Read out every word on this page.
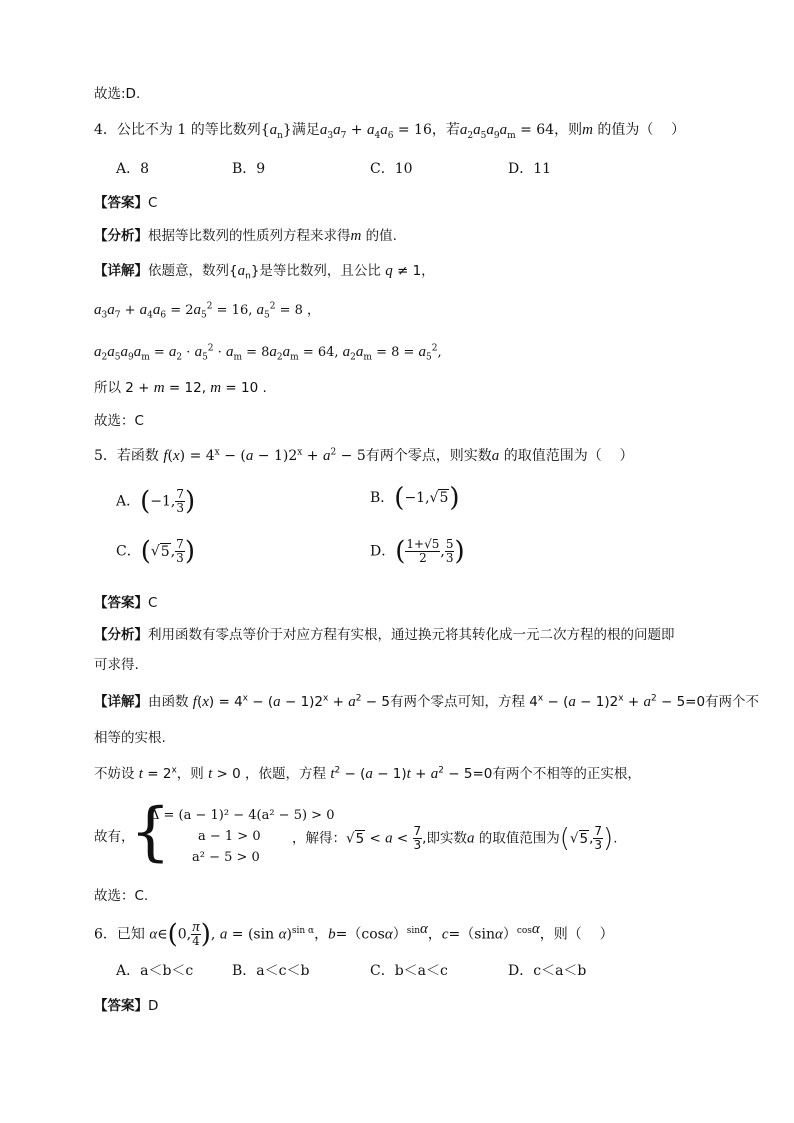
故选:D.
4．公比不为 1 的等比数列$\{a_n\}$满足$a_3a_7 + a_4a_6 = 16$，若$a_2a_5a_9a_m = 64$，则m 的值为（    ）
A．8	B．9	C．10	D．11
【答案】C
【分析】根据等比数列的性质列方程来求得m 的值.
【详解】依题意，数列$\{a_n\}$是等比数列，且公比 q ≠ 1，
$a_3a_7 + a_4a_6 = 2a_5^2 = 16$, $a_5^2 = 8$ ，
$a_2a_5a_9a_m = a_2 \cdot a_5^2 \cdot a_m = 8a_2a_m = 64$, $a_2a_m = 8 = a_5^2$,
所以 2 + m = 12, m = 10 .
故选：C
5．若函数 $f(x) = 4^x - (a - 1)2^x + a^2 - 5$有两个零点，则实数a 的取值范围为（    ）
A．(−1, $\frac{7}{3}$ )	B．(−1,√5)
C．(√5, $\frac{7}{3}$ )	D．( $\frac{1+√5}{2}$ , $\frac{5}{3}$ )
【答案】C
【分析】利用函数有零点等价于对应方程有实根，通过换元将其转化成一元二次方程的根的问题即
可求得.
【详解】由函数 $f(x) = 4^x - (a - 1)2^x + a^2 - 5$有两个零点可知，方程 $4^x - (a - 1)2^x + a^2 - 5=0$有两个不
相等的实根.
不妨设 $t = 2^x$，则 t > 0 ，依题，方程 $t^2 - (a - 1)t + a^2 - 5=0$有两个不相等的正实根，
故有，
{
Δ = (a − 1)² − 4(a² − 5) > 0
a − 1 > 0
a² − 5 > 0
，解得：$√5 < a < \frac{7}{3}$ ,即实数a 的取值范围为(√5, $\frac{7}{3}$ ).
故选：C.
6．已知 α∈(0, $\frac{\pi}{4}$ ), a = (sin α)$^{sin \alpha}$，$b=(\cos\alpha)^{sin\alpha}$，$c=(\sin\alpha)^{cos\alpha}$，则（    ）
A．a＜b＜c	B．a＜c＜b	C．b＜a＜c	D．c＜a＜b
【答案】D
